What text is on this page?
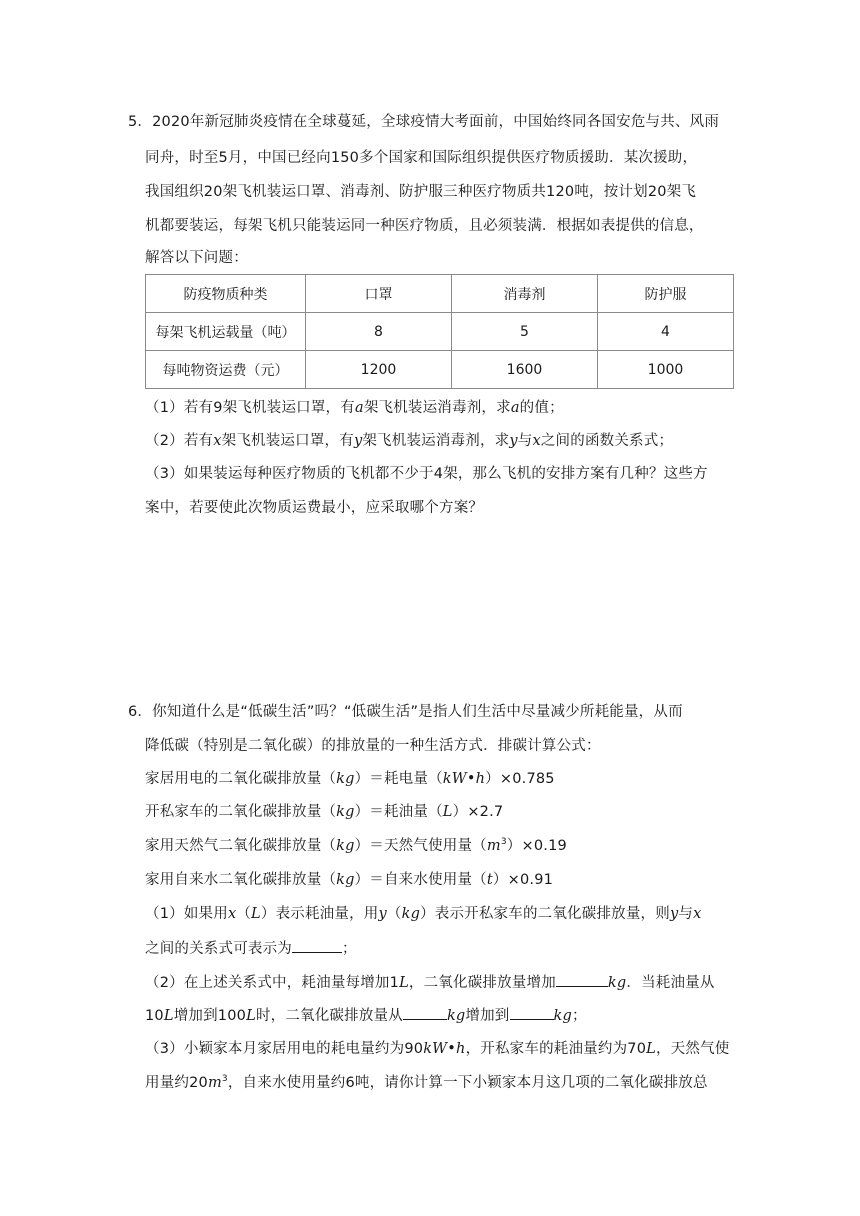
5．2020年新冠肺炎疫情在全球蔓延，全球疫情大考面前，中国始终同各国安危与共、风雨
同舟，时至5月，中国已经向150多个国家和国际组织提供医疗物质援助．某次援助，
我国组织20架飞机装运口罩、消毒剂、防护服三种医疗物质共120吨，按计划20架飞
机都要装运，每架飞机只能装运同一种医疗物质，且必须装满．根据如表提供的信息，
解答以下问题：
防疫物质种类	口罩	消毒剂	防护服
每架飞机运载量（吨）	8	5	4
每吨物资运费（元）	1200	1600	1000
（1）若有9架飞机装运口罩，有a架飞机装运消毒剂，求a的值；
（2）若有x架飞机装运口罩，有y架飞机装运消毒剂，求y与x之间的函数关系式；
（3）如果装运每种医疗物质的飞机都不少于4架，那么飞机的安排方案有几种？这些方
案中，若要使此次物质运费最小，应采取哪个方案？
6．你知道什么是“低碳生活”吗？“低碳生活”是指人们生活中尽量减少所耗能量，从而
降低碳（特别是二氧化碳）的排放量的一种生活方式．排碳计算公式：
家居用电的二氧化碳排放量（kg）＝耗电量（kW•h）×0.785
开私家车的二氧化碳排放量（kg）＝耗油量（L）×2.7
家用天然气二氧化碳排放量（kg）＝天然气使用量$(m^3)\times 0.19$
家用自来水二氧化碳排放量（kg）＝自来水使用量（t）×0.91
（1）如果用x（L）表示耗油量，用y（kg）表示开私家车的二氧化碳排放量，则y与x
之间的关系式可表示为	；
（2）在上述关系式中，耗油量每增加1L，二氧化碳排放量增加	kg．当耗油量从
10L增加到100L时，二氧化碳排放量从	kg增加到	kg；
（3）小颖家本月家居用电的耗电量约为90kW•h，开私家车的耗油量约为70L，天然气使
用量约$20m^3$，自来水使用量约6吨，请你计算一下小颖家本月这几项的二氧化碳排放总
